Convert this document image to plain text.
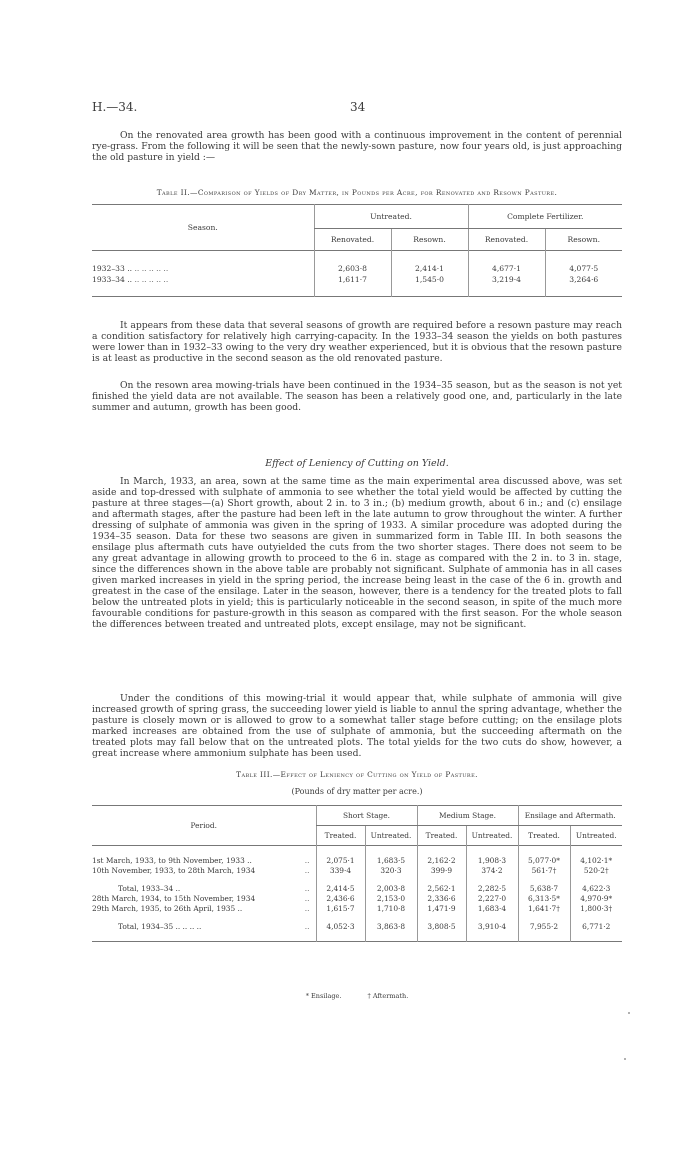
H.—34.	34

On the renovated area growth has been good with a continuous improvement in the content of perennial rye-grass. From the following it will be seen that the newly-sown pasture, now four years old, is just approaching the old pasture in yield :—

Table II.—Comparison of Yields of Dry Matter, in Pounds per Acre, for Renovated and Resown Pasture.

Season.	Untreated.		Complete Fertilizer.	
	Renovated.	Resown.	Renovated.	Resown.

1932–33 .. .. .. .. .. ..	2,603·8	2,414·1	4,677·1	4,077·5
1933–34 .. .. .. .. .. ..	1,611·7	1,545·0	3,219·4	3,264·6

It appears from these data that several seasons of growth are required before a resown pasture may reach a condition satisfactory for relatively high carrying-capacity. In the 1933–34 season the yields on both pastures were lower than in 1932–33 owing to the very dry weather experienced, but it is obvious that the resown pasture is at least as productive in the second season as the old renovated pasture.

On the resown area mowing-trials have been continued in the 1934–35 season, but as the season is not yet finished the yield data are not available. The season has been a relatively good one, and, particularly in the late summer and autumn, growth has been good.

Effect of Leniency of Cutting on Yield.

In March, 1933, an area, sown at the same time as the main experimental area discussed above, was set aside and top-dressed with sulphate of ammonia to see whether the total yield would be affected by cutting the pasture at three stages—(a) Short growth, about 2 in. to 3 in.; (b) medium growth, about 6 in.; and (c) ensilage and aftermath stages, after the pasture had been left in the late autumn to grow throughout the winter. A further dressing of sulphate of ammonia was given in the spring of 1933. A similar procedure was adopted during the 1934–35 season. Data for these two seasons are given in summarized form in Table III. In both seasons the ensilage plus aftermath cuts have outyielded the cuts from the two shorter stages. There does not seem to be any great advantage in allowing growth to proceed to the 6 in. stage as compared with the 2 in. to 3 in. stage, since the differences shown in the above table are probably not significant. Sulphate of ammonia has in all cases given marked increases in yield in the spring period, the increase being least in the case of the 6 in. growth and greatest in the case of the ensilage. Later in the season, however, there is a tendency for the treated plots to fall below the untreated plots in yield; this is particularly noticeable in the second season, in spite of the much more favourable conditions for pasture-growth in this season as compared with the first season. For the whole season the differences between treated and untreated plots, except ensilage, may not be significant.

Under the conditions of this mowing-trial it would appear that, while sulphate of ammonia will give increased growth of spring grass, the succeeding lower yield is liable to annul the spring advantage, whether the pasture is closely mown or is allowed to grow to a somewhat taller stage before cutting; on the ensilage plots marked increases are obtained from the use of sulphate of ammonia, but the succeeding aftermath on the treated plots may fall below that on the untreated plots. The total yields for the two cuts do show, however, a great increase where ammonium sulphate has been used.

Table III.—Effect of Leniency of Cutting on Yield of Pasture.

(Pounds of dry matter per acre.)

Period.	Short Stage.		Medium Stage.		Ensilage and Aftermath.	
	Treated.	Untreated.	Treated.	Untreated.	Treated.	Untreated.

1st March, 1933, to 9th November, 1933 .. ..	2,075·1	1,683·5	2,162·2	1,908·3	5,077·0*	4,102·1*
10th November, 1933, to 28th March, 1934 ..	339·4	320·3	399·9	374·2	561·7†	520·2†

Total, 1933–34 .. ..	2,414·5	2,003·8	2,562·1	2,282·5	5,638·7	4,622·3
28th March, 1934, to 15th November, 1934 ..	2,436·6	2,153·0	2,336·6	2,227·0	6,313·5*	4,970·9*
29th March, 1935, to 26th April, 1935 .. ..	1,615·7	1,710·8	1,471·9	1,683·4	1,641·7†	1,800·3†

Total, 1934–35 .. .. .. .. ..	4,052·3	3,863·8	3,808·5	3,910·4	7,955·2	6,771·2

* Ensilage.	† Aftermath.
